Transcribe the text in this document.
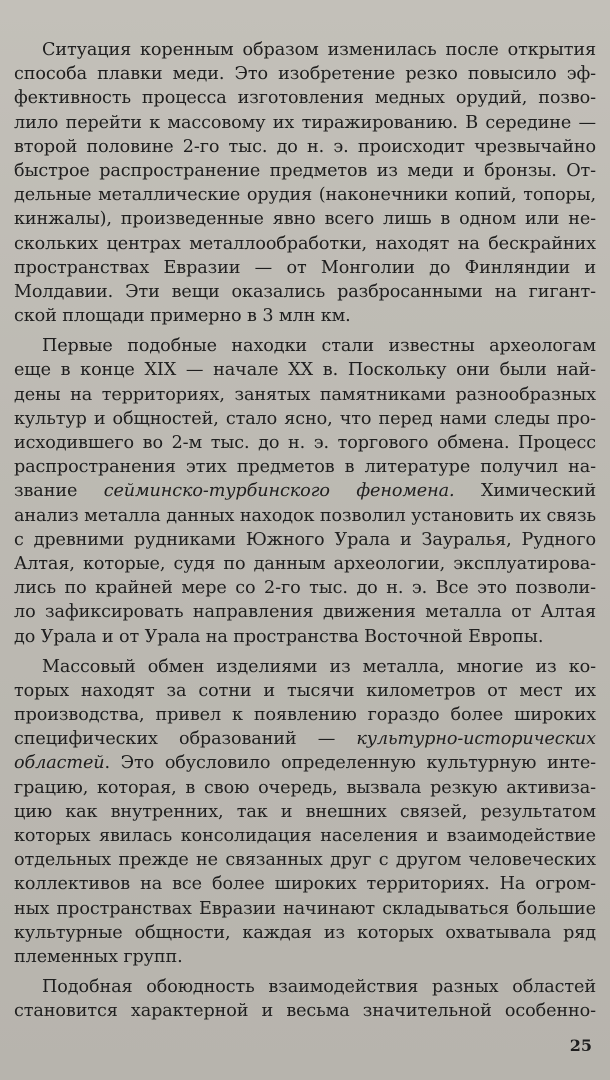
Ситуация коренным образом изменилась после открытия
способа плавки меди. Это изобретение резко повысило эф-
фективность процесса изготовления медных орудий, позво-
лило перейти к массовому их тиражированию. В середине —
второй половине 2-го тыс. до н. э. происходит чрезвычайно
быстрое распространение предметов из меди и бронзы. От-
дельные металлические орудия (наконечники копий, топоры,
кинжалы), произведенные явно всего лишь в одном или не-
скольких центрах металлообработки, находят на бескрайних
пространствах Евразии — от Монголии до Финляндии и
Молдавии. Эти вещи оказались разбросанными на гигант-
ской площади примерно в 3 млн км.
Первые подобные находки стали известны археологам
еще в конце XIX — начале XX в. Поскольку они были най-
дены на территориях, занятых памятниками разнообразных
культур и общностей, стало ясно, что перед нами следы про-
исходившего во 2-м тыс. до н. э. торгового обмена. Процесс
распространения этих предметов в литературе получил на-
звание сейминско-турбинского феномена. Химический
анализ металла данных находок позволил установить их связь
с древними рудниками Южного Урала и Зауралья, Рудного
Алтая, которые, судя по данным археологии, эксплуатирова-
лись по крайней мере со 2-го тыс. до н. э. Все это позволи-
ло зафиксировать направления движения металла от Алтая
до Урала и от Урала на пространства Восточной Европы.
Массовый обмен изделиями из металла, многие из ко-
торых находят за сотни и тысячи километров от мест их
производства, привел к появлению гораздо более широких
специфических образований — культурно-исторических
областей. Это обусловило определенную культурную инте-
грацию, которая, в свою очередь, вызвала резкую активиза-
цию как внутренних, так и внешних связей, результатом
которых явилась консолидация населения и взаимодействие
отдельных прежде не связанных друг с другом человеческих
коллективов на все более широких территориях. На огром-
ных пространствах Евразии начинают складываться большие
культурные общности, каждая из которых охватывала ряд
племенных групп.
Подобная обоюдность взаимодействия разных областей
становится характерной и весьма значительной особенно-
25
